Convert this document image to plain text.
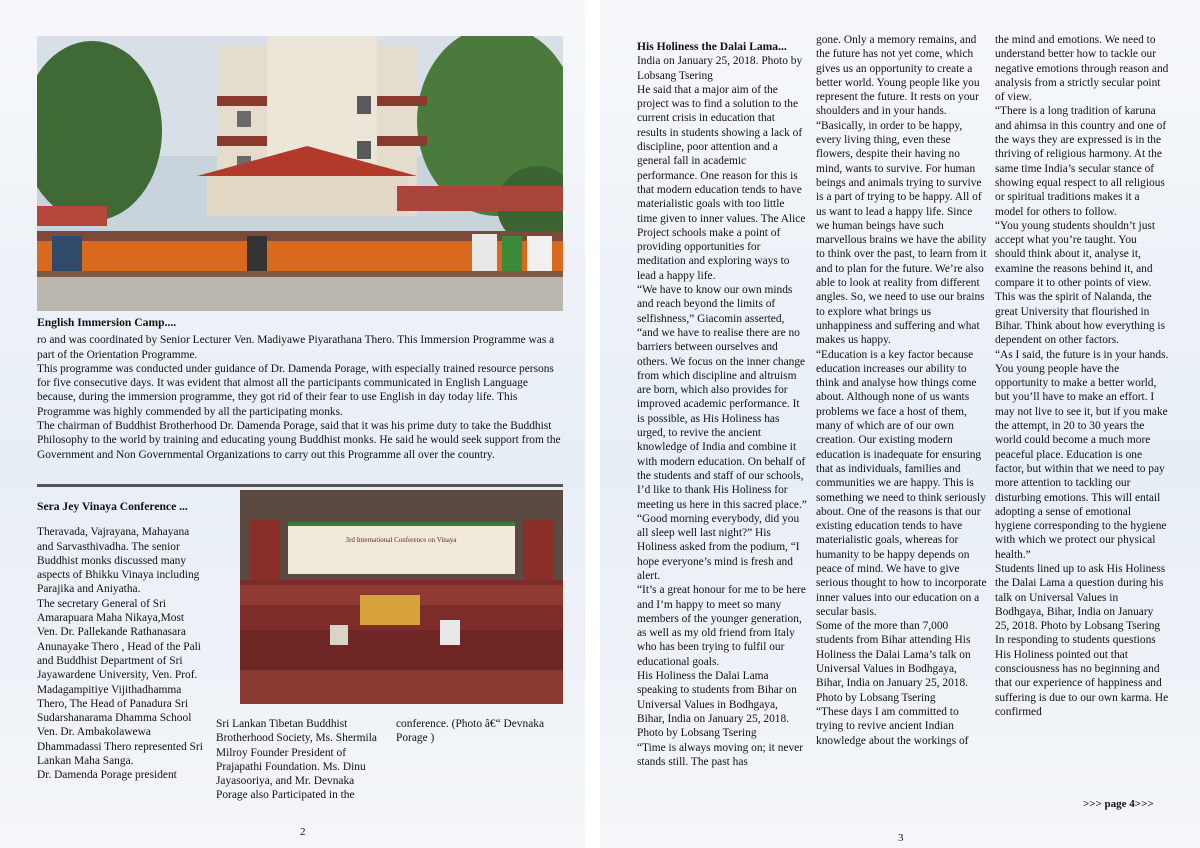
English Immersion Camp....

ro and was coordinated by Senior Lecturer Ven. Madiyawe Piyarathana Thero. This Immersion Programme was a part of the Orientation Programme.

This programme was conducted under guidance of Dr. Damenda Porage, with especially trained resource persons for five consecutive days. It was evident that almost all the participants communicated in English Language because, during the immersion programme, they got rid of their fear to use English in day today life. This Programme was highly commended by all the participating monks.

The chairman of Buddhist Brotherhood Dr. Damenda Porage, said that it was his prime duty to take the Buddhist Philosophy to the world by training and educating young Buddhist monks. He said he would seek support from the Government and Non Governmental Organizations to carry out this Programme all over the country.

Sera Jey Vinaya Conference ...

Theravada, Vajrayana, Mahayana and Sarvasthivadha. The senior Buddhist monks discussed many aspects of Bhikku Vinaya including Parajika and Aniyatha.

The secretary General of Sri Amarapuara Maha Nikaya,Most Ven. Dr. Pallekande Rathanasara Anunayake Thero , Head of the Pali and Buddhist Department of Sri Jayawardene University, Ven. Prof. Madagampitiye Vijithadhamma Thero, The Head of Panadura Sri Sudarshanarama Dhamma School Ven. Dr. Ambakolawewa Dhammadassi Thero represented Sri Lankan Maha Sanga.

Dr. Damenda Porage president

3rd International Conference on Vinaya

Sri Lankan Tibetan Buddhist Brotherhood Society, Ms. Shermila Milroy Founder President of Prajapathi Foundation. Ms. Dinu Jayasooriya, and Mr. Devnaka Porage also Participated in the

conference. (Photo â€“ Devnaka Porage )

2

His Holiness the Dalai Lama...

India on January 25, 2018. Photo by Lobsang Tsering

He said that a major aim of the project was to find a solution to the current crisis in education that results in students showing a lack of discipline, poor attention and a general fall in academic performance. One reason for this is that modern education tends to have materialistic goals with too little time given to inner values. The Alice Project schools make a point of providing opportunities for meditation and exploring ways to lead a happy life.

“We have to know our own minds and reach beyond the limits of selfishness,” Giacomin asserted, “and we have to realise there are no barriers between ourselves and others. We focus on the inner change from which discipline and altruism are born, which also provides for improved academic performance. It is possible, as His Holiness has urged, to revive the ancient knowledge of India and combine it with modern education. On behalf of the students and staff of our schools, I’d like to thank His Holiness for meeting us here in this sacred place.”

“Good morning everybody, did you all sleep well last night?” His Holiness asked from the podium, “I hope everyone’s mind is fresh and alert.

“It’s a great honour for me to be here and I’m happy to meet so many members of the younger generation, as well as my old friend from Italy who has been trying to fulfil our educational goals.

His Holiness the Dalai Lama speaking to students from Bihar on Universal Values in Bodhgaya, Bihar, India on January 25, 2018. Photo by Lobsang Tsering

“Time is always moving on; it never stands still. The past has

gone. Only a memory remains, and the future has not yet come, which gives us an opportunity to create a better world. Young people like you represent the future. It rests on your shoulders and in your hands.

“Basically, in order to be happy, every living thing, even these flowers, despite their having no mind, wants to survive. For human beings and animals trying to survive is a part of trying to be happy. All of us want to lead a happy life. Since we human beings have such marvellous brains we have the ability to think over the past, to learn from it and to plan for the future. We’re also able to look at reality from different angles. So, we need to use our brains to explore what brings us unhappiness and suffering and what makes us happy.

“Education is a key factor because education increases our ability to think and analyse how things come about. Although none of us wants problems we face a host of them, many of which are of our own creation. Our existing modern education is inadequate for ensuring that as individuals, families and communities we are happy. This is something we need to think seriously about. One of the reasons is that our existing education tends to have materialistic goals, whereas for humanity to be happy depends on peace of mind. We have to give serious thought to how to incorporate inner values into our education on a secular basis.

Some of the more than 7,000 students from Bihar attending His Holiness the Dalai Lama’s talk on Universal Values in Bodhgaya, Bihar, India on January 25, 2018. Photo by Lobsang Tsering

“These days I am committed to trying to revive ancient Indian knowledge about the workings of

the mind and emotions. We need to understand better how to tackle our negative emotions through reason and analysis from a strictly secular point of view.

“There is a long tradition of karuna and ahimsa in this country and one of the ways they are expressed is in the thriving of religious harmony. At the same time India’s secular stance of showing equal respect to all religious or spiritual traditions makes it a model for others to follow.

“You young students shouldn’t just accept what you’re taught. You should think about it, analyse it, examine the reasons behind it, and compare it to other points of view. This was the spirit of Nalanda, the great University that flourished in Bihar. Think about how everything is dependent on other factors.

“As I said, the future is in your hands. You young people have the opportunity to make a better world, but you’ll have to make an effort. I may not live to see it, but if you make the attempt, in 20 to 30 years the world could become a much more peaceful place. Education is one factor, but within that we need to pay more attention to tackling our disturbing emotions. This will entail adopting a sense of emotional hygiene corresponding to the hygiene with which we protect our physical health.”

Students lined up to ask His Holiness the Dalai Lama a question during his talk on Universal Values in Bodhgaya, Bihar, India on January 25, 2018. Photo by Lobsang Tsering

In responding to students questions His Holiness pointed out that consciousness has no beginning and that our experience of happiness and suffering is due to our own karma. He confirmed

>>> page 4>>>
3
